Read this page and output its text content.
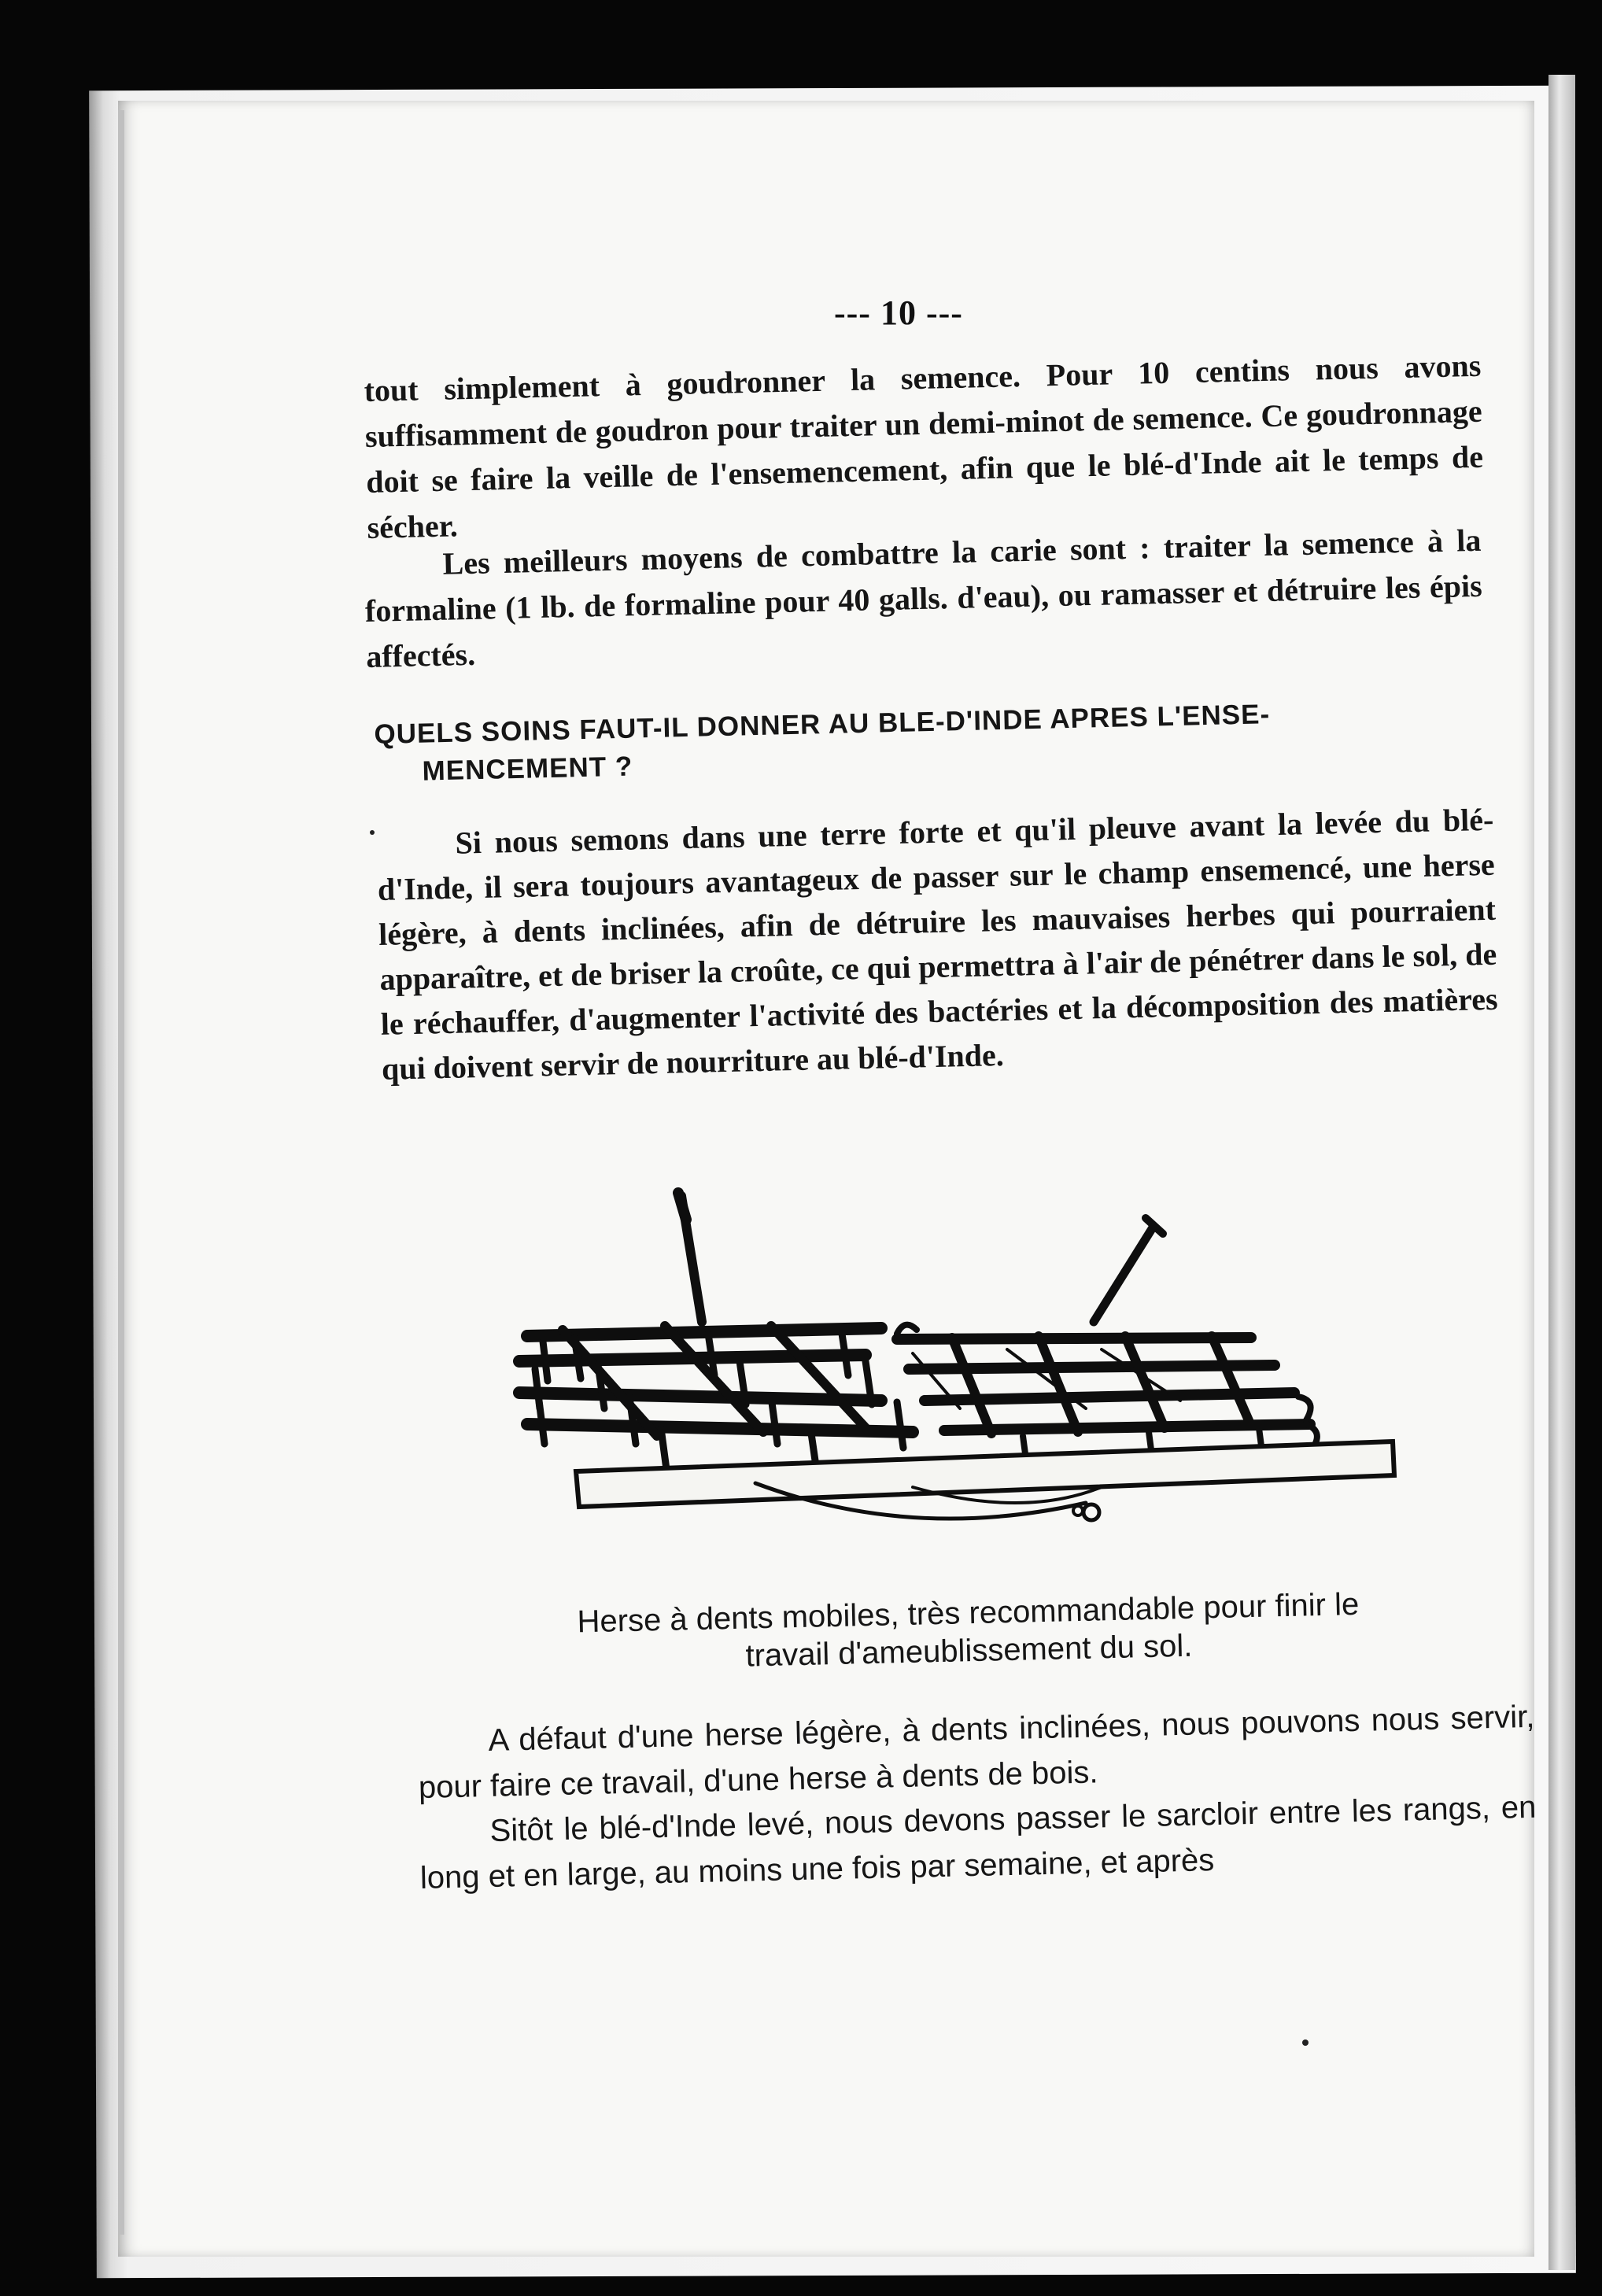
--- 10 ---
tout simplement à goudronner la semence. Pour 10 centins nous avons suffisamment de goudron pour traiter un demi-minot de semence. Ce goudronnage doit se faire la veille de l'ensemencement, afin que le blé-d'Inde ait le temps de sécher.
Les meilleurs moyens de combattre la carie sont : traiter la semence à la formaline (1 lb. de formaline pour 40 galls. d'eau), ou ramasser et détruire les épis affectés.
QUELS SOINS FAUT-IL DONNER AU BLE-D'INDE APRES L'ENSE-
MENCEMENT ?
Si nous semons dans une terre forte et qu'il pleuve avant la levée du blé-d'Inde, il sera toujours avantageux de passer sur le champ ensemencé, une herse légère, à dents inclinées, afin de détruire les mauvaises herbes qui pourraient apparaître, et de briser la croûte, ce qui permettra à l'air de pénétrer dans le sol, de le réchauffer, d'augmenter l'activité des bactéries et la décomposition des matières qui doivent servir de nourriture au blé-d'Inde.
Herse à dents mobiles, très recommandable pour finir le
travail d'ameublissement du sol.
A défaut d'une herse légère, à dents inclinées, nous pouvons nous servir, pour faire ce travail, d'une herse à dents de bois.
Sitôt le blé-d'Inde levé, nous devons passer le sarcloir entre les rangs, en long et en large, au moins une fois par semaine, et après
